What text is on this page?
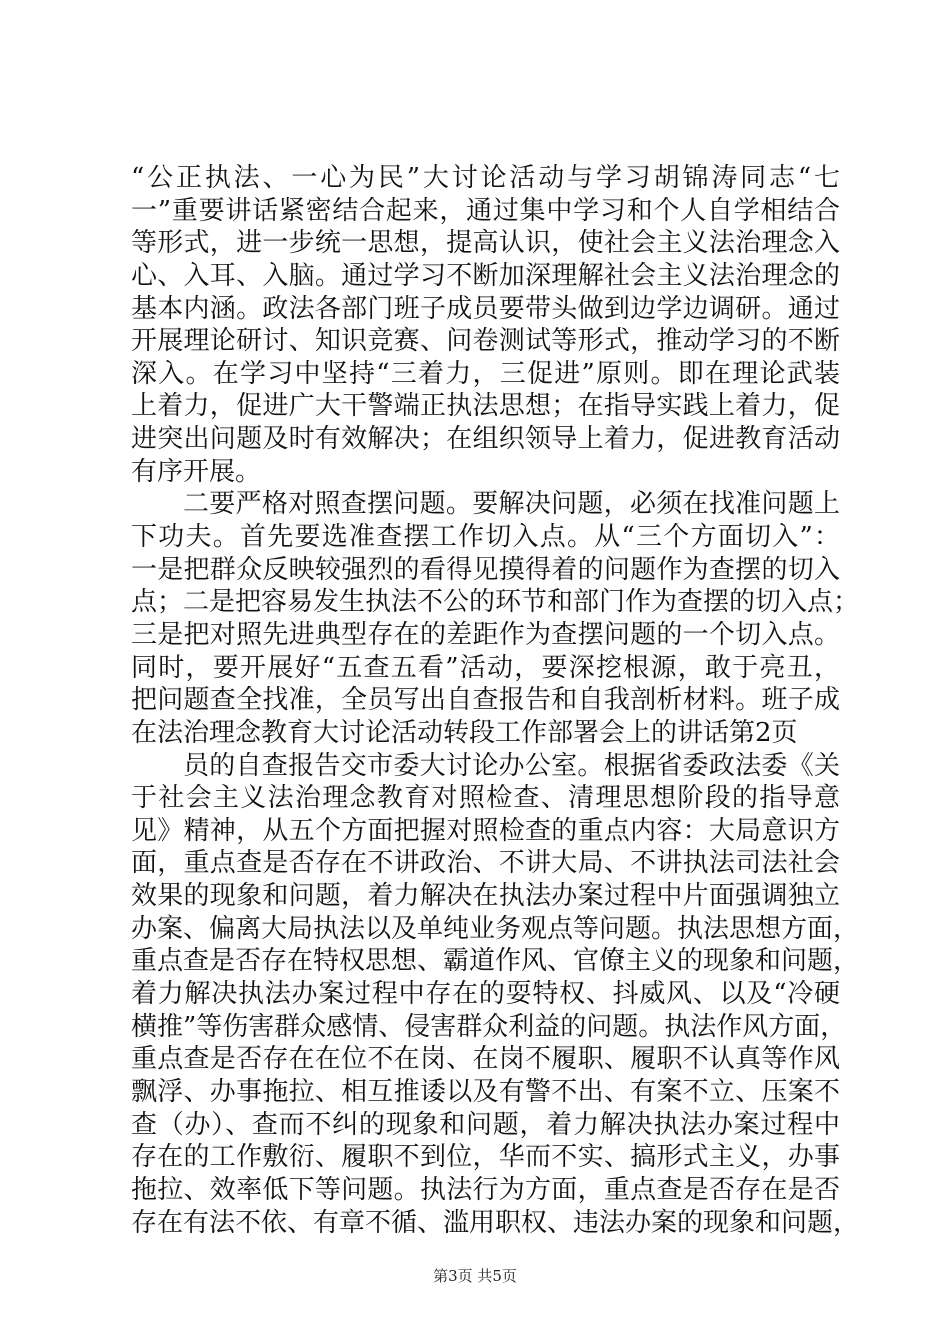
“公正执法、一心为民”大讨论活动与学习胡锦涛同志“七
一”重要讲话紧密结合起来，通过集中学习和个人自学相结合
等形式，进一步统一思想，提高认识，使社会主义法治理念入
心、入耳、入脑。通过学习不断加深理解社会主义法治理念的
基本内涵。政法各部门班子成员要带头做到边学边调研。通过
开展理论研讨、知识竞赛、问卷测试等形式，推动学习的不断
深入。在学习中坚持“三着力，三促进”原则。即在理论武装
上着力，促进广大干警端正执法思想；在指导实践上着力，促
进突出问题及时有效解决；在组织领导上着力，促进教育活动
有序开展。
二要严格对照查摆问题。要解决问题，必须在找准问题上
下功夫。首先要选准查摆工作切入点。从“三个方面切入”：
一是把群众反映较强烈的看得见摸得着的问题作为查摆的切入
点；二是把容易发生执法不公的环节和部门作为查摆的切入点；
三是把对照先进典型存在的差距作为查摆问题的一个切入点。
同时，要开展好“五查五看”活动，要深挖根源，敢于亮丑，
把问题查全找准，全员写出自查报告和自我剖析材料。班子成
在法治理念教育大讨论活动转段工作部署会上的讲话第2页
员的自查报告交市委大讨论办公室。根据省委政法委《关
于社会主义法治理念教育对照检查、清理思想阶段的指导意
见》精神，从五个方面把握对照检查的重点内容：大局意识方
面，重点查是否存在不讲政治、不讲大局、不讲执法司法社会
效果的现象和问题，着力解决在执法办案过程中片面强调独立
办案、偏离大局执法以及单纯业务观点等问题。执法思想方面，
重点查是否存在特权思想、霸道作风、官僚主义的现象和问题，
着力解决执法办案过程中存在的耍特权、抖威风、以及“冷硬
横推”等伤害群众感情、侵害群众利益的问题。执法作风方面，
重点查是否存在在位不在岗、在岗不履职、履职不认真等作风
飘浮、办事拖拉、相互推诿以及有警不出、有案不立、压案不
查（办）、查而不纠的现象和问题，着力解决执法办案过程中
存在的工作敷衍、履职不到位，华而不实、搞形式主义，办事
拖拉、效率低下等问题。执法行为方面，重点查是否存在是否
存在有法不依、有章不循、滥用职权、违法办案的现象和问题，
第3页 共5页
